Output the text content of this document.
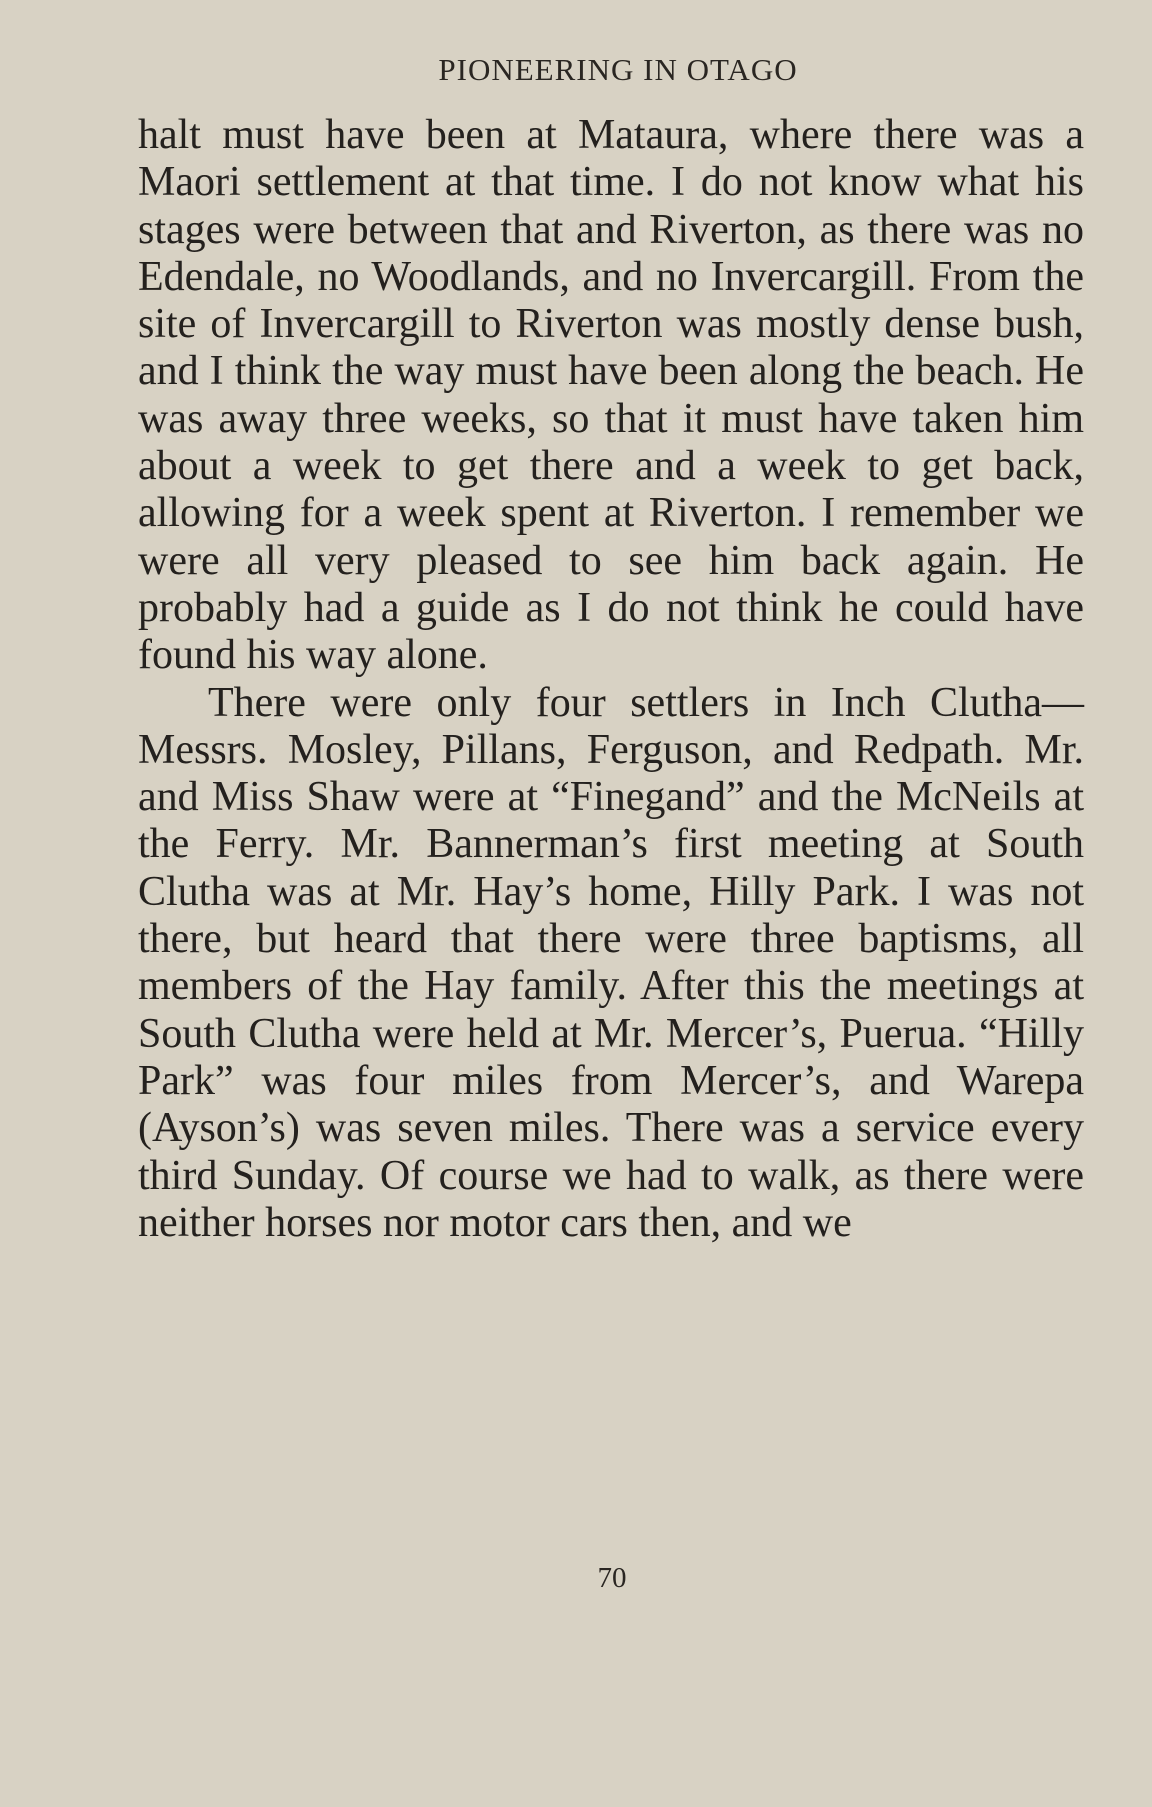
PIONEERING IN OTAGO

halt must have been at Mataura, where there was a Maori settlement at that time. I do not know what his stages were between that and Riverton, as there was no Edendale, no Woodlands, and no Invercargill. From the site of Invercargill to Riverton was mostly dense bush, and I think the way must have been along the beach. He was away three weeks, so that it must have taken him about a week to get there and a week to get back, allowing for a week spent at Riverton. I remember we were all very pleased to see him back again. He probably had a guide as I do not think he could have found his way alone.

There were only four settlers in Inch Clutha—Messrs. Mosley, Pillans, Ferguson, and Redpath. Mr. and Miss Shaw were at “Finegand” and the McNeils at the Ferry. Mr. Bannerman’s first meeting at South Clutha was at Mr. Hay’s home, Hilly Park. I was not there, but heard that there were three baptisms, all members of the Hay family. After this the meetings at South Clutha were held at Mr. Mercer’s, Puerua. “Hilly Park” was four miles from Mercer’s, and Warepa (Ayson’s) was seven miles. There was a service every third Sunday. Of course we had to walk, as there were neither horses nor motor cars then, and we

70
